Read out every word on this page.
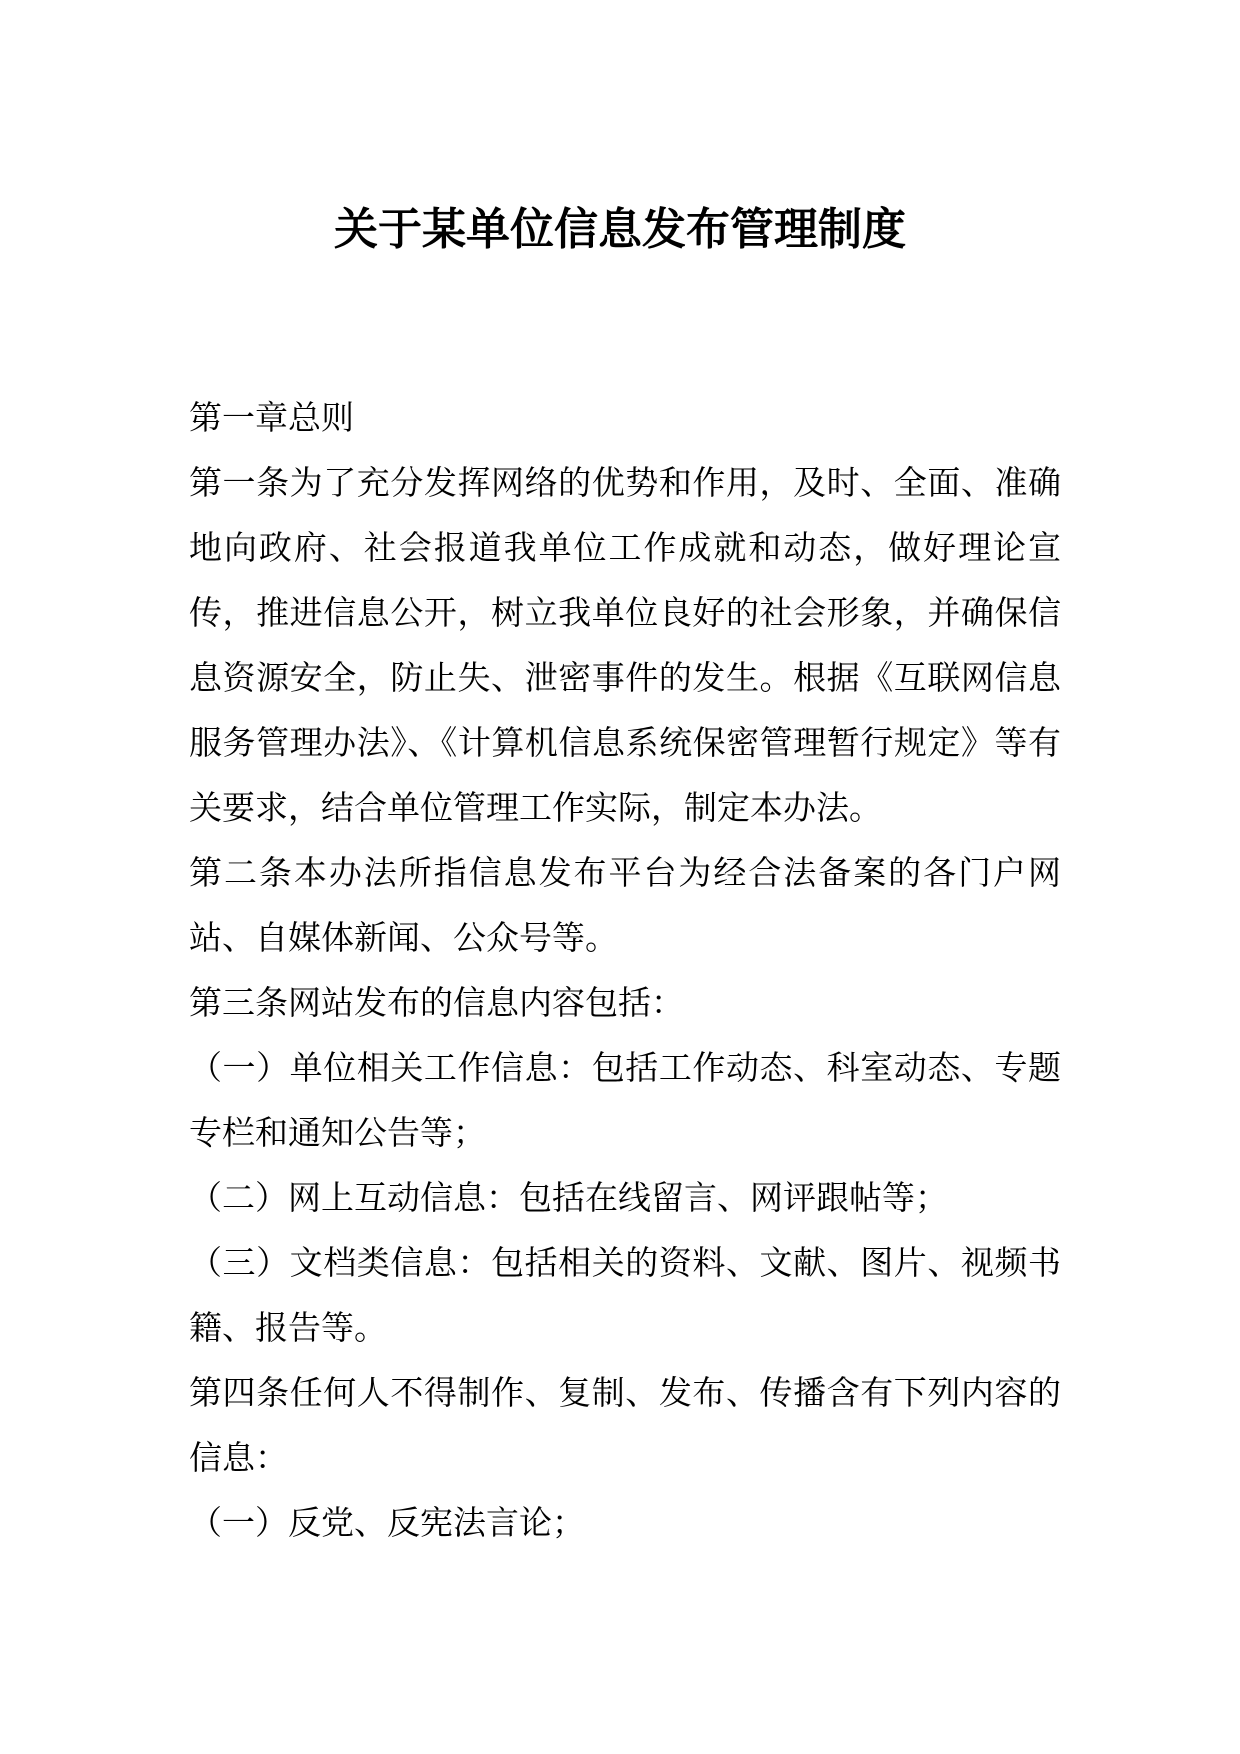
关于某单位信息发布管理制度

第一章总则

第一条为了充分发挥网络的优势和作用，及时、全面、准确地向政府、社会报道我单位工作成就和动态，做好理论宣传，推进信息公开，树立我单位良好的社会形象，并确保信息资源安全，防止失、泄密事件的发生。根据《互联网信息服务管理办法》、《计算机信息系统保密管理暂行规定》等有关要求，结合单位管理工作实际，制定本办法。

第二条本办法所指信息发布平台为经合法备案的各门户网站、自媒体新闻、公众号等。

第三条网站发布的信息内容包括：

（一）单位相关工作信息：包括工作动态、科室动态、专题专栏和通知公告等；

（二）网上互动信息：包括在线留言、网评跟帖等；

（三）文档类信息：包括相关的资料、文献、图片、视频书籍、报告等。

第四条任何人不得制作、复制、发布、传播含有下列内容的信息：

（一）反党、反宪法言论；
